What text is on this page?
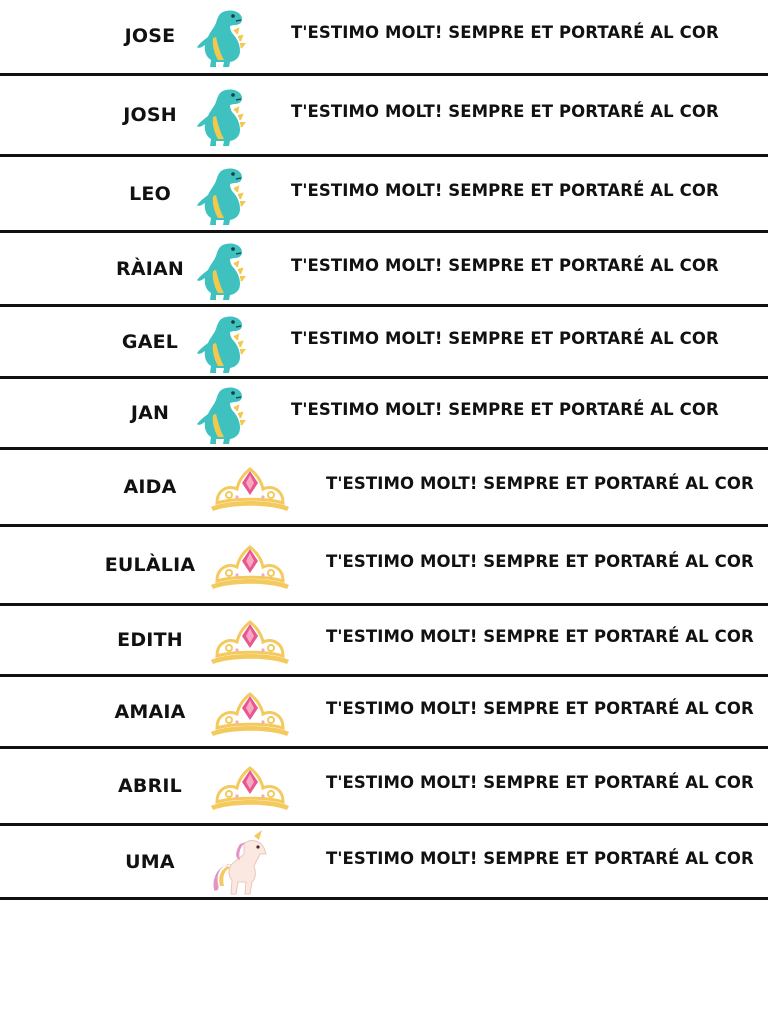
JOSE	T'ESTIMO MOLT! SEMPRE ET PORTARÉ AL COR
JOSH	T'ESTIMO MOLT! SEMPRE ET PORTARÉ AL COR
LEO	T'ESTIMO MOLT! SEMPRE ET PORTARÉ AL COR
RÀIAN	T'ESTIMO MOLT! SEMPRE ET PORTARÉ AL COR
GAEL	T'ESTIMO MOLT! SEMPRE ET PORTARÉ AL COR
JAN	T'ESTIMO MOLT! SEMPRE ET PORTARÉ AL COR
AIDA	T'ESTIMO MOLT! SEMPRE ET PORTARÉ AL COR
EULÀLIA	T'ESTIMO MOLT! SEMPRE ET PORTARÉ AL COR
EDITH	T'ESTIMO MOLT! SEMPRE ET PORTARÉ AL COR
AMAIA	T'ESTIMO MOLT! SEMPRE ET PORTARÉ AL COR
ABRIL	T'ESTIMO MOLT! SEMPRE ET PORTARÉ AL COR
UMA	T'ESTIMO MOLT! SEMPRE ET PORTARÉ AL COR
